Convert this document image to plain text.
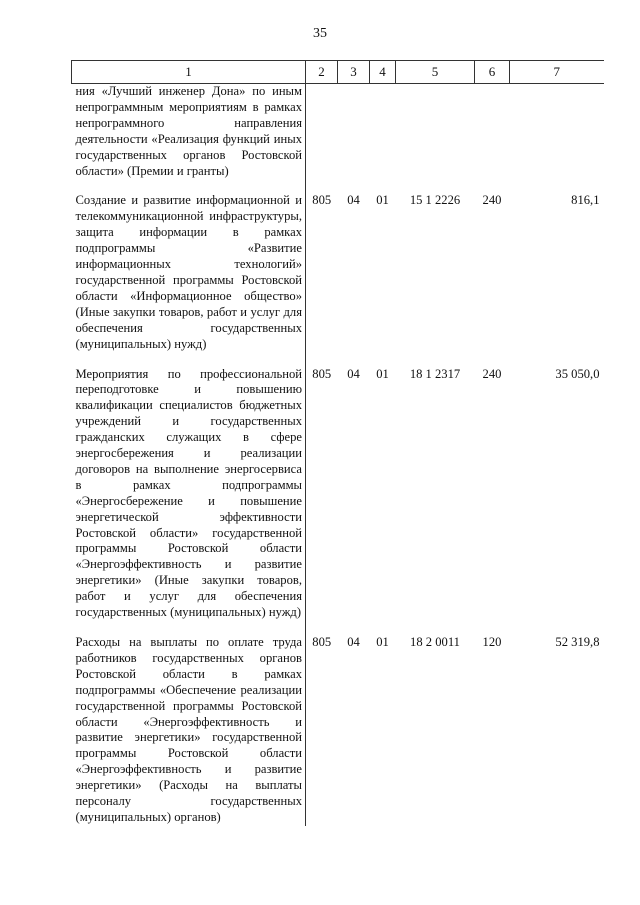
35
1	2	3	4	5	6	7
ния «Лучший инженер Дона» по иным непрограммным мероприятиям в рамках непрограммного направления деятельности «Реализация функций иных государственных органов Ростовской области» (Премии и гранты)						

Создание и развитие информационной и телекоммуникационной инфраструктуры, защита информации в рамках подпрограммы «Развитие информационных технологий» государственной программы Ростовской области «Информационное общество» (Иные закупки товаров, работ и услуг для обеспечения государственных (муниципальных) нужд)	805	04	01	15 1 2226	240	816,1

Мероприятия по профессиональной переподготовке и повышению квалификации специалистов бюджетных учреждений и государственных гражданских служащих в сфере энергосбережения и реализации договоров на выполнение энергосервиса в рамках подпрограммы «Энергосбережение и повышение энергетической эффективности Ростовской области» государственной программы Ростовской области «Энергоэффективность и развитие энергетики» (Иные закупки товаров, работ и услуг для обеспечения государственных (муниципальных) нужд)	805	04	01	18 1 2317	240	35 050,0

Расходы на выплаты по оплате труда работников государственных органов Ростовской области в рамках подпрограммы «Обеспечение реализации государственной программы Ростовской области «Энергоэффективность и развитие энергетики» государственной программы Ростовской области «Энергоэффективность и развитие энергетики» (Расходы на выплаты персоналу государственных (муниципальных) органов)	805	04	01	18 2 0011	120	52 319,8
